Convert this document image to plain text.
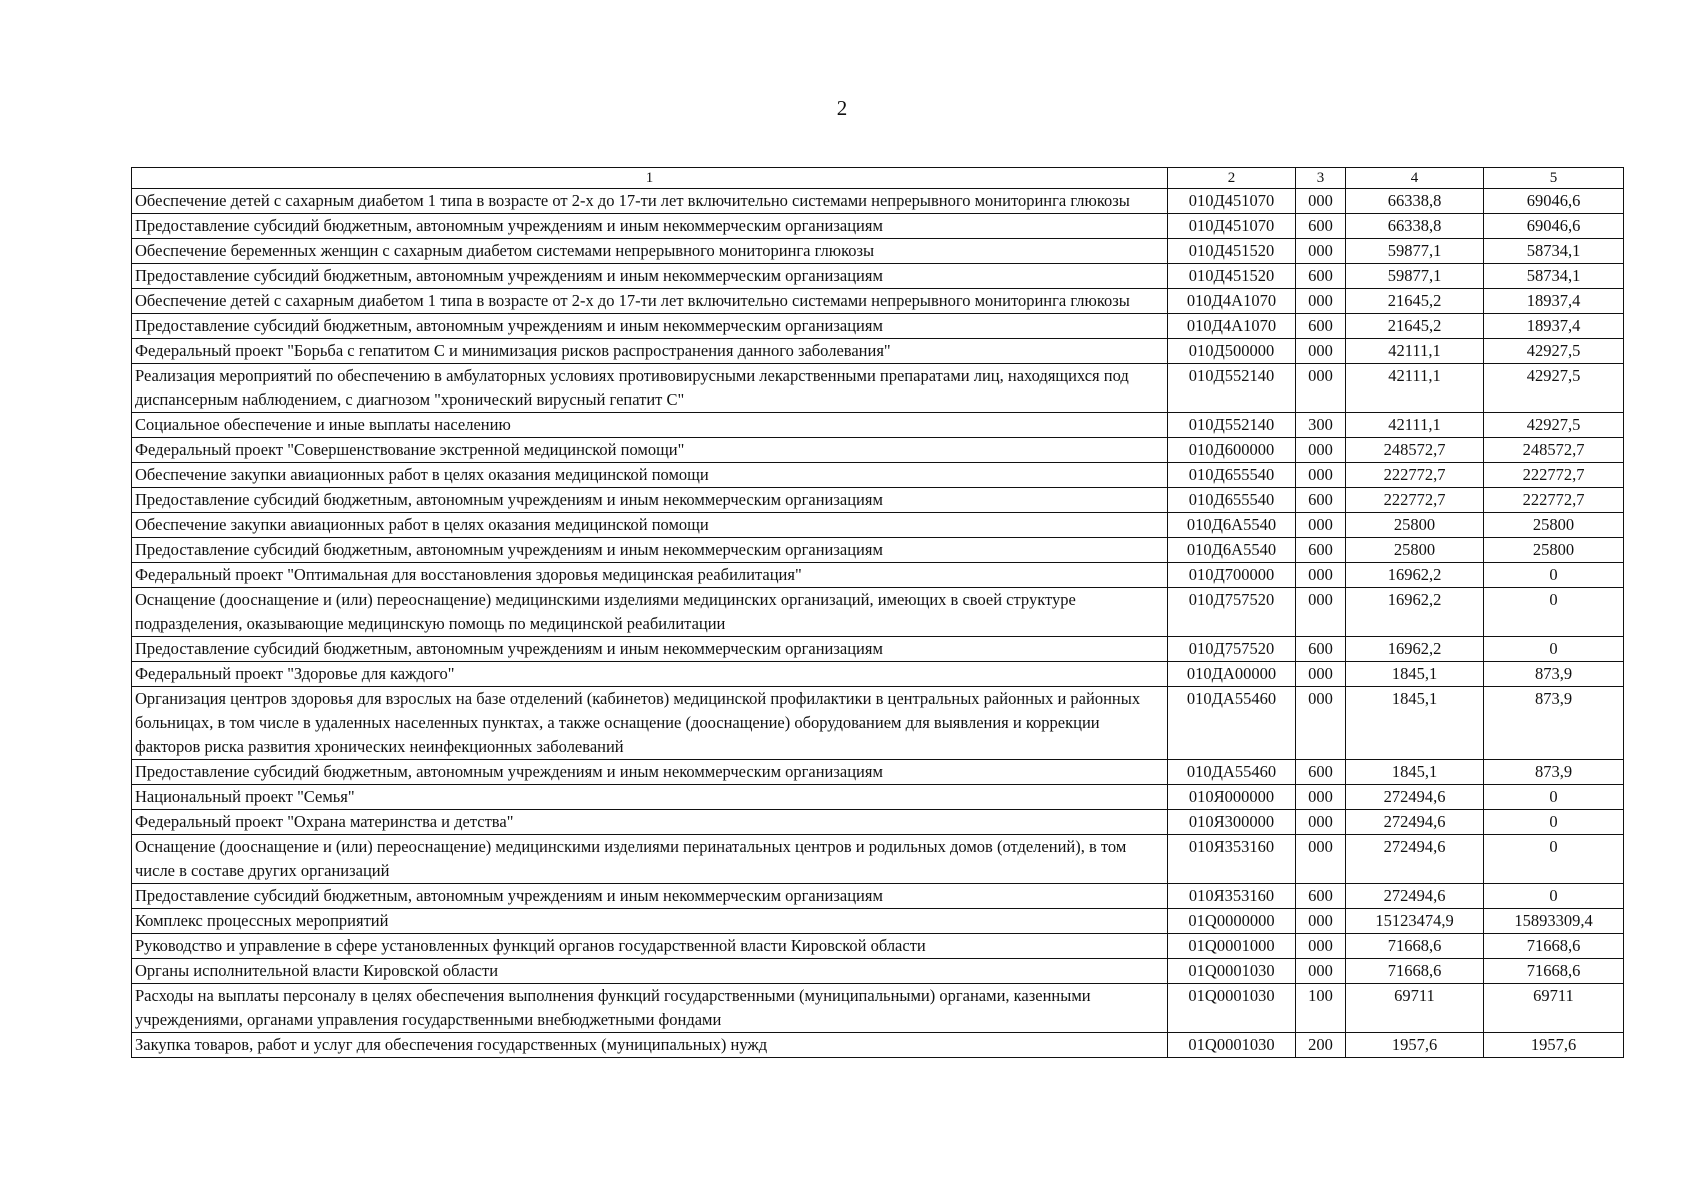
2
1	2	3	4	5
Обеспечение детей с сахарным диабетом 1 типа в возрасте от 2-х до 17-ти лет включительно системами непрерывного мониторинга глюкозы	010Д451070	000	66338,8	69046,6
Предоставление субсидий бюджетным, автономным учреждениям и иным некоммерческим организациям	010Д451070	600	66338,8	69046,6
Обеспечение беременных женщин с сахарным диабетом системами непрерывного мониторинга глюкозы	010Д451520	000	59877,1	58734,1
Предоставление субсидий бюджетным, автономным учреждениям и иным некоммерческим организациям	010Д451520	600	59877,1	58734,1
Обеспечение детей с сахарным диабетом 1 типа в возрасте от 2-х до 17-ти лет включительно системами непрерывного мониторинга глюкозы	010Д4А1070	000	21645,2	18937,4
Предоставление субсидий бюджетным, автономным учреждениям и иным некоммерческим организациям	010Д4А1070	600	21645,2	18937,4
Федеральный проект "Борьба с гепатитом С и минимизация рисков распространения данного заболевания"	010Д500000	000	42111,1	42927,5
Реализация мероприятий по обеспечению в амбулаторных условиях противовирусными лекарственными препаратами лиц, находящихся под диспансерным наблюдением, с диагнозом "хронический вирусный гепатит С"	010Д552140	000	42111,1	42927,5
Социальное обеспечение и иные выплаты населению	010Д552140	300	42111,1	42927,5
Федеральный проект "Совершенствование экстренной медицинской помощи"	010Д600000	000	248572,7	248572,7
Обеспечение закупки авиационных работ в целях оказания медицинской помощи	010Д655540	000	222772,7	222772,7
Предоставление субсидий бюджетным, автономным учреждениям и иным некоммерческим организациям	010Д655540	600	222772,7	222772,7
Обеспечение закупки авиационных работ в целях оказания медицинской помощи	010Д6А5540	000	25800	25800
Предоставление субсидий бюджетным, автономным учреждениям и иным некоммерческим организациям	010Д6А5540	600	25800	25800
Федеральный проект "Оптимальная для восстановления здоровья медицинская реабилитация"	010Д700000	000	16962,2	0
Оснащение (дооснащение и (или) переоснащение) медицинскими изделиями медицинских организаций, имеющих в своей структуре подразделения, оказывающие медицинскую помощь по медицинской реабилитации	010Д757520	000	16962,2	0
Предоставление субсидий бюджетным, автономным учреждениям и иным некоммерческим организациям	010Д757520	600	16962,2	0
Федеральный проект "Здоровье для каждого"	010ДА00000	000	1845,1	873,9
Организация центров здоровья для взрослых на базе отделений (кабинетов) медицинской профилактики в центральных районных и районных больницах, в том числе в удаленных населенных пунктах, а также оснащение (дооснащение) оборудованием для выявления и коррекции факторов риска развития хронических неинфекционных заболеваний	010ДА55460	000	1845,1	873,9
Предоставление субсидий бюджетным, автономным учреждениям и иным некоммерческим организациям	010ДА55460	600	1845,1	873,9
Национальный проект "Семья"	010Я000000	000	272494,6	0
Федеральный проект "Охрана материнства и детства"	010Я300000	000	272494,6	0
Оснащение (дооснащение и (или) переоснащение) медицинскими изделиями перинатальных центров и родильных домов (отделений), в том числе в составе других организаций	010Я353160	000	272494,6	0
Предоставление субсидий бюджетным, автономным учреждениям и иным некоммерческим организациям	010Я353160	600	272494,6	0
Комплекс процессных мероприятий	01Q0000000	000	15123474,9	15893309,4
Руководство и управление в сфере установленных функций органов государственной власти Кировской области	01Q0001000	000	71668,6	71668,6
Органы исполнительной власти Кировской области	01Q0001030	000	71668,6	71668,6
Расходы на выплаты персоналу в целях обеспечения выполнения функций государственными (муниципальными) органами, казенными учреждениями, органами управления государственными внебюджетными фондами	01Q0001030	100	69711	69711
Закупка товаров, работ и услуг для обеспечения государственных (муниципальных) нужд	01Q0001030	200	1957,6	1957,6
